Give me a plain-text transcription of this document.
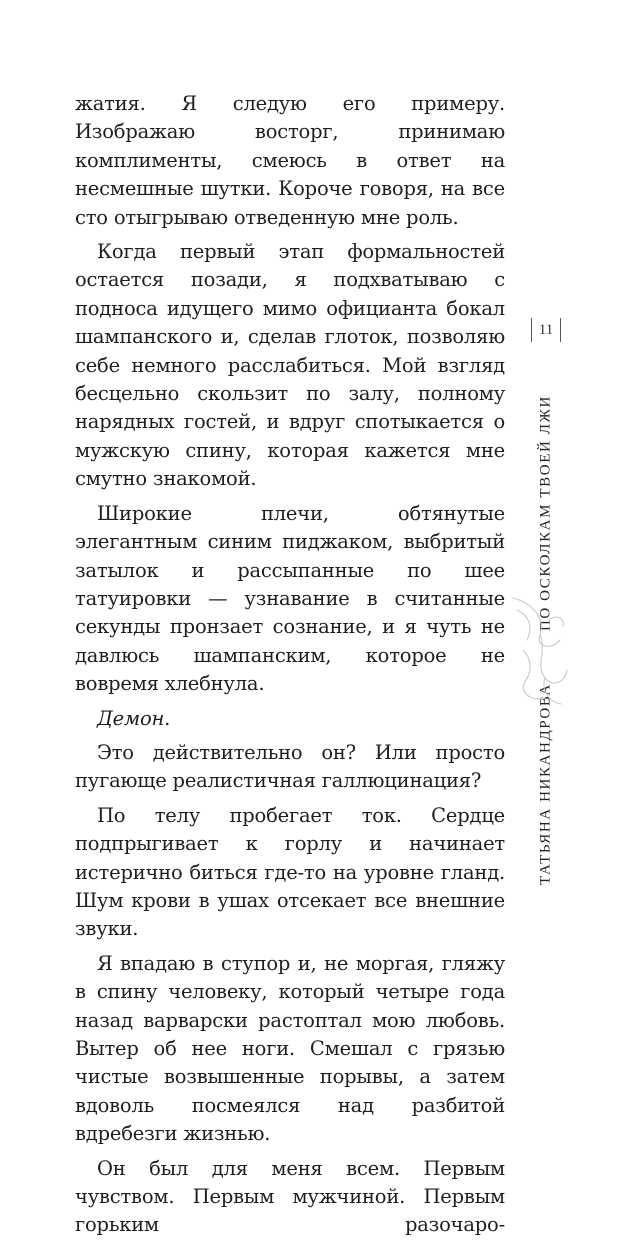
жатия. Я следую его примеру. Изображаю восторг, принимаю комплименты, смеюсь в ответ на несмешные шутки. Короче говоря, на все сто отыгрываю отведенную мне роль.

Когда первый этап формальностей остается позади, я подхватываю с подноса идущего мимо официанта бокал шампанского и, сделав глоток, позволяю себе немного расслабиться. Мой взгляд бесцельно скользит по залу, полному нарядных гостей, и вдруг спотыкается о мужскую спину, которая кажется мне смутно знакомой.

Широкие плечи, обтянутые элегантным синим пиджаком, выбритый затылок и рассыпанные по шее татуировки — узнавание в считанные секунды пронзает сознание, и я чуть не давлюсь шампанским, которое не вовремя хлебнула.

Демон.

Это действительно он? Или просто пугающе реалистичная галлюцинация?

По телу пробегает ток. Сердце подпрыгивает к горлу и начинает истерично биться где-то на уровне гланд. Шум крови в ушах отсекает все внешние звуки.

Я впадаю в ступор и, не моргая, гляжу в спину человеку, который четыре года назад варварски растоптал мою любовь. Вытер об нее ноги. Смешал с грязью чистые возвышенные порывы, а затем вдоволь посмеялся над разбитой вдребезги жизнью.

Он был для меня всем. Первым чувством. Первым мужчиной. Первым горьким разочаро-

11
ТАТЬЯНА НИКАНДРОВА
ПО ОСКОЛКАМ ТВОЕЙ ЛЖИ
